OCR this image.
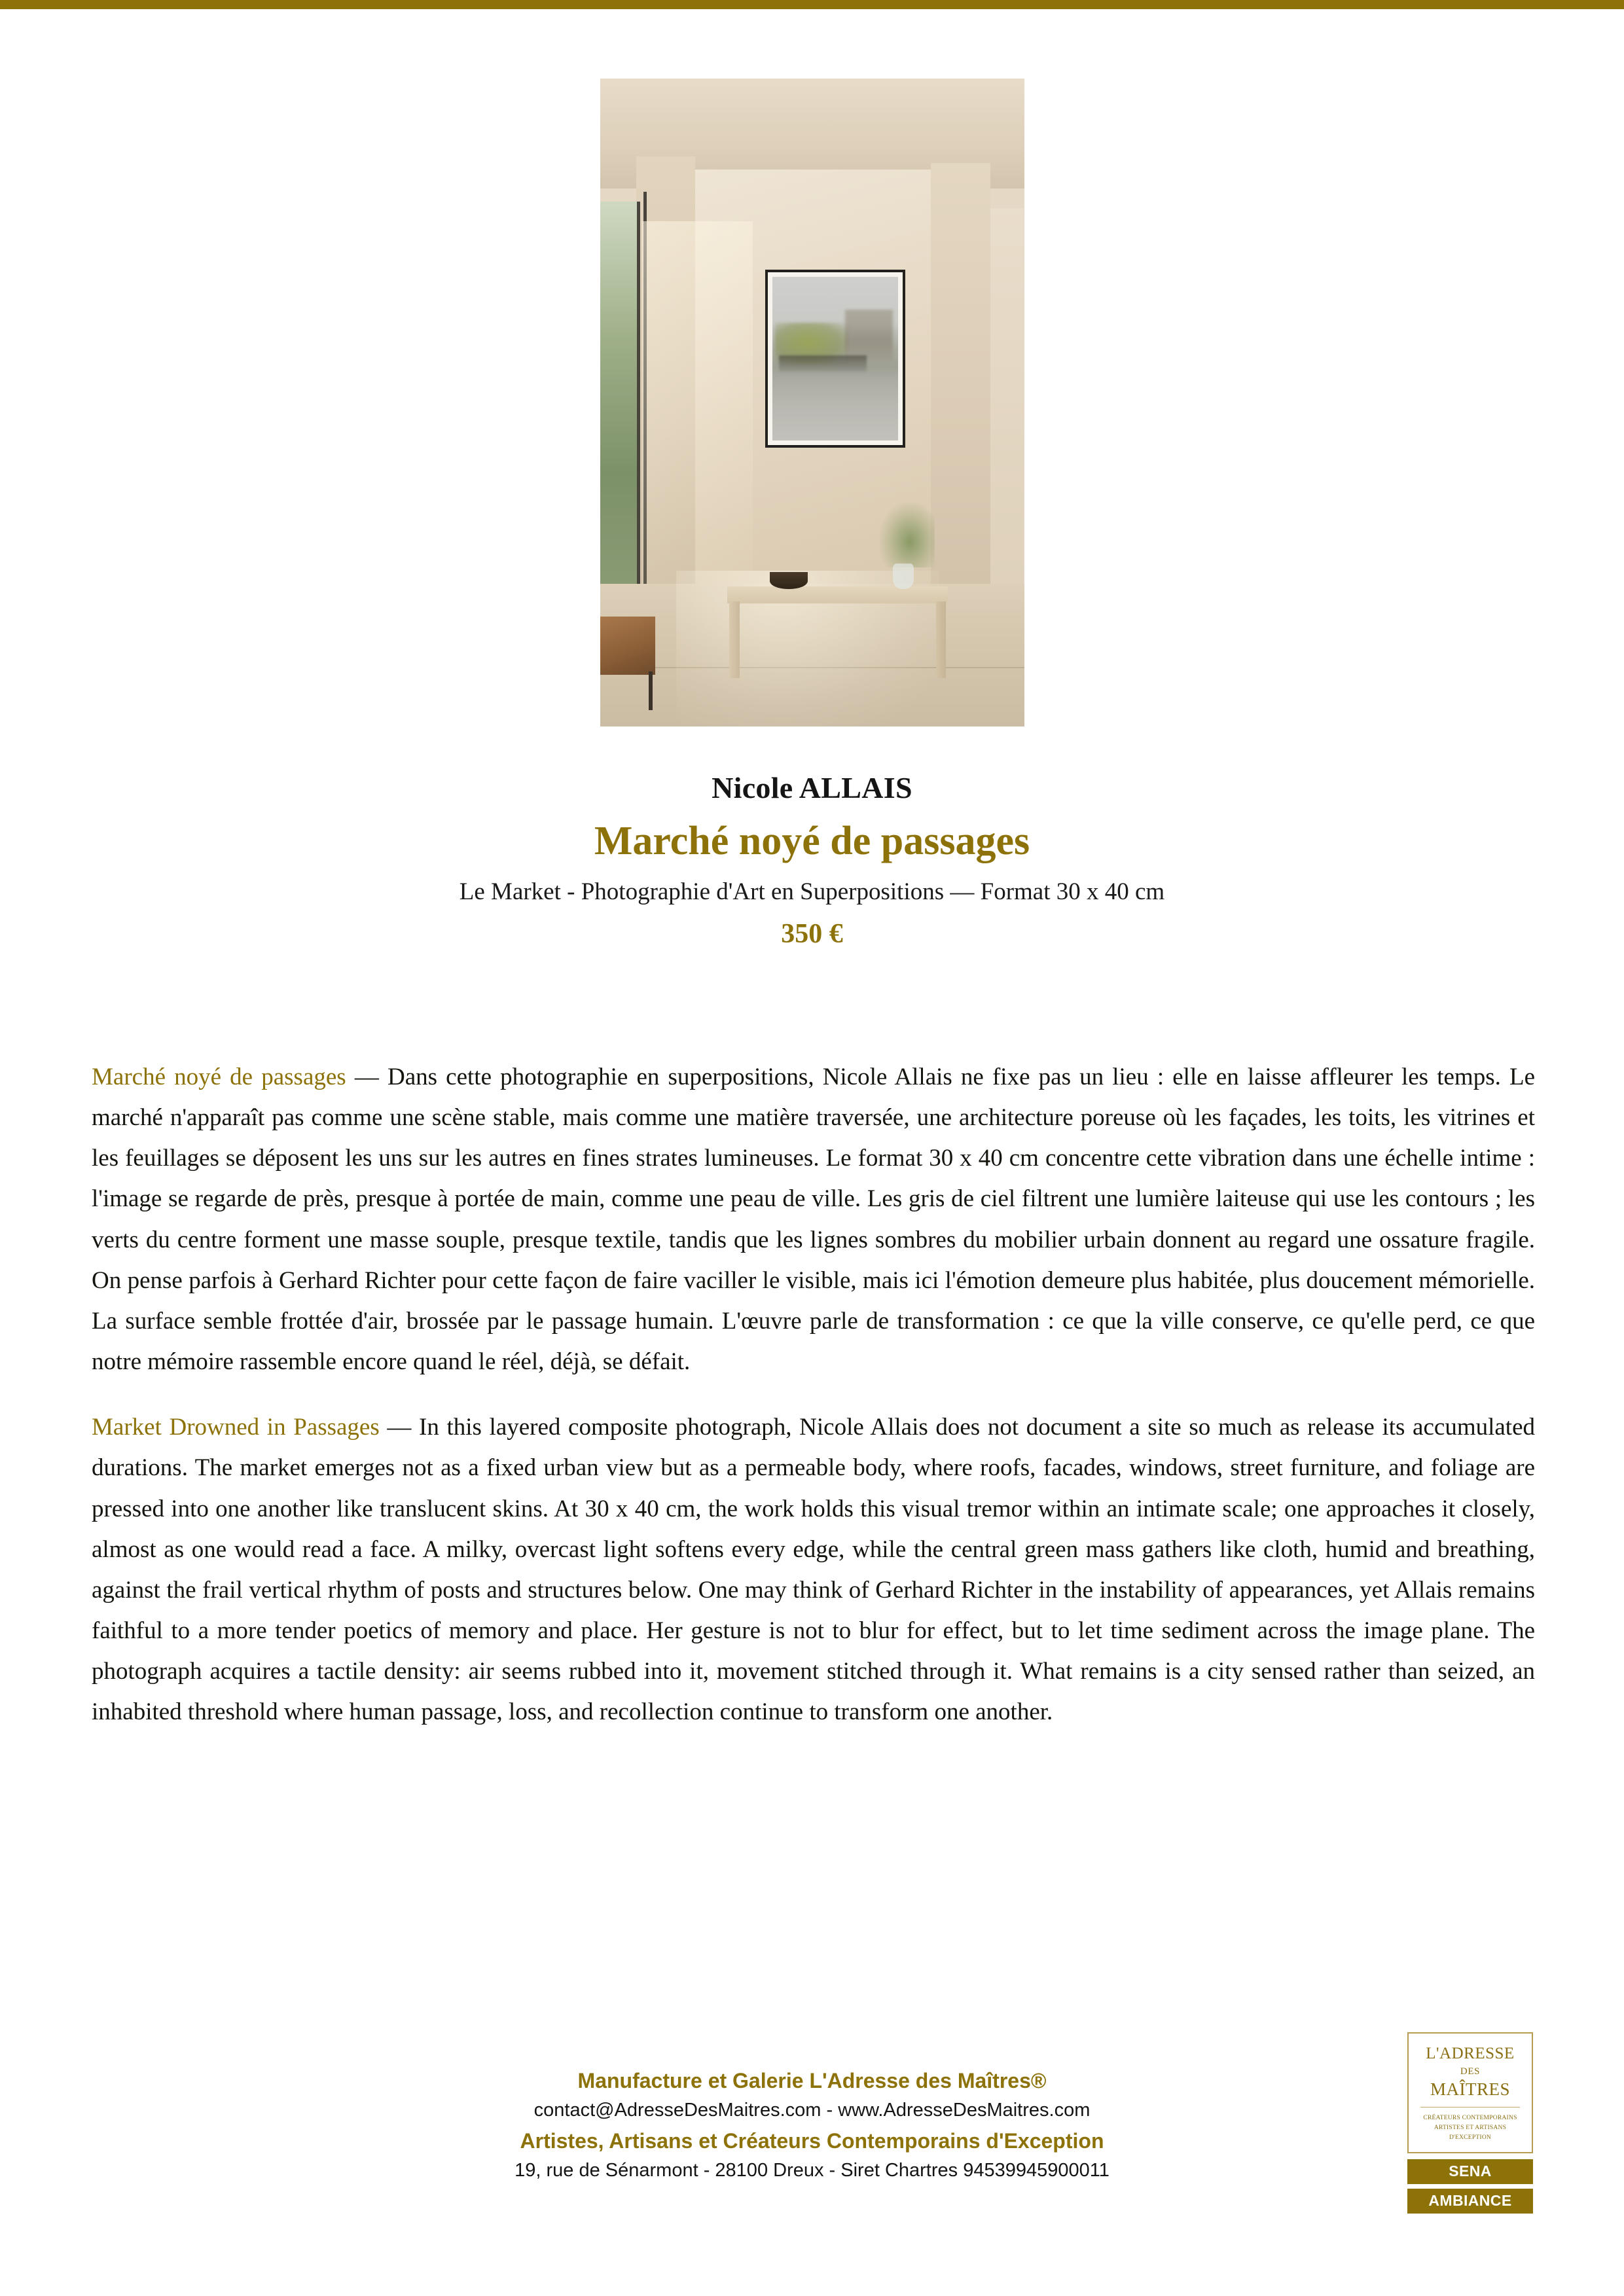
Nicole ALLAIS
Marché noyé de passages
Le Market - Photographie d'Art en Superpositions — Format 30 x 40 cm
350 €

Marché noyé de passages — Dans cette photographie en superpositions, Nicole Allais ne fixe pas un lieu : elle en laisse affleurer les temps. Le marché n'apparaît pas comme une scène stable, mais comme une matière traversée, une architecture poreuse où les façades, les toits, les vitrines et les feuillages se déposent les uns sur les autres en fines strates lumineuses. Le format 30 x 40 cm concentre cette vibration dans une échelle intime : l'image se regarde de près, presque à portée de main, comme une peau de ville. Les gris de ciel filtrent une lumière laiteuse qui use les contours ; les verts du centre forment une masse souple, presque textile, tandis que les lignes sombres du mobilier urbain donnent au regard une ossature fragile. On pense parfois à Gerhard Richter pour cette façon de faire vaciller le visible, mais ici l'émotion demeure plus habitée, plus doucement mémorielle. La surface semble frottée d'air, brossée par le passage humain. L'œuvre parle de transformation : ce que la ville conserve, ce qu'elle perd, ce que notre mémoire rassemble encore quand le réel, déjà, se défait.

Market Drowned in Passages — In this layered composite photograph, Nicole Allais does not document a site so much as release its accumulated durations. The market emerges not as a fixed urban view but as a permeable body, where roofs, facades, windows, street furniture, and foliage are pressed into one another like translucent skins. At 30 x 40 cm, the work holds this visual tremor within an intimate scale; one approaches it closely, almost as one would read a face. A milky, overcast light softens every edge, while the central green mass gathers like cloth, humid and breathing, against the frail vertical rhythm of posts and structures below. One may think of Gerhard Richter in the instability of appearances, yet Allais remains faithful to a more tender poetics of memory and place. Her gesture is not to blur for effect, but to let time sediment across the image plane. The photograph acquires a tactile density: air seems rubbed into it, movement stitched through it. What remains is a city sensed rather than seized, an inhabited threshold where human passage, loss, and recollection continue to transform one another.

Manufacture et Galerie L'Adresse des Maîtres®
contact@AdresseDesMaitres.com - www.AdresseDesMaitres.com
Artistes, Artisans et Créateurs Contemporains d'Exception
19, rue de Sénarmont - 28100 Dreux - Siret Chartres 94539945900011
L'ADRESSE
DES
MAÎTRES
CRÉATEURS CONTEMPORAINS
ARTISTES ET ARTISANS
D'EXCEPTION
SENA
AMBIANCE
